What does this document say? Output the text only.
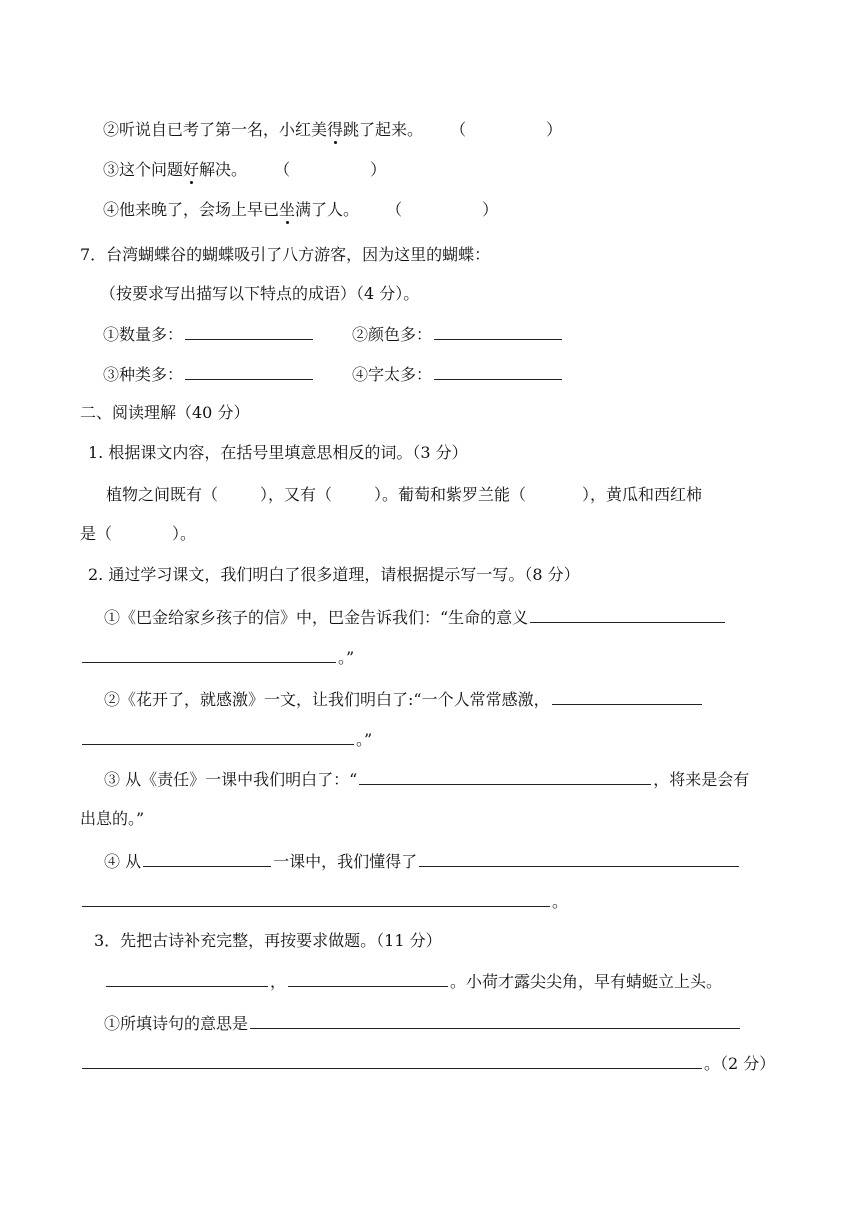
②听说自已考了第一名，小红美得跳了起来。 （	）
③这个问题好解决。 （	）
④他来晚了，会场上早已坐满了人。 （	）
7．台湾蝴蝶谷的蝴蝶吸引了八方游客，因为这里的蝴蝶：
（按要求写出描写以下特点的成语）（4 分）。
①数量多：	②颜色多：
③种类多：	④字太多：
二、阅读理解（40 分）
1. 根据课文内容，在括号里填意思相反的词。（3 分）
植物之间既有（	），又有（	）。葡萄和紫罗兰能（	），黄瓜和西红柿
是（	）。
2. 通过学习课文，我们明白了很多道理，请根据提示写一写。（8 分）
①《巴金给家乡孩子的信》中，巴金告诉我们：“生命的意义
。”
②《花开了，就感激》一文，让我们明白了:“一个人常常感激，
。”
③ 从《责任》一课中我们明白了：“	，将来是会有
出息的。”
④ 从	一课中，我们懂得了
。
3．先把古诗补充完整，再按要求做题。（11 分）
，	。小荷才露尖尖角，早有蜻蜓立上头。
①所填诗句的意思是
。（2 分）
